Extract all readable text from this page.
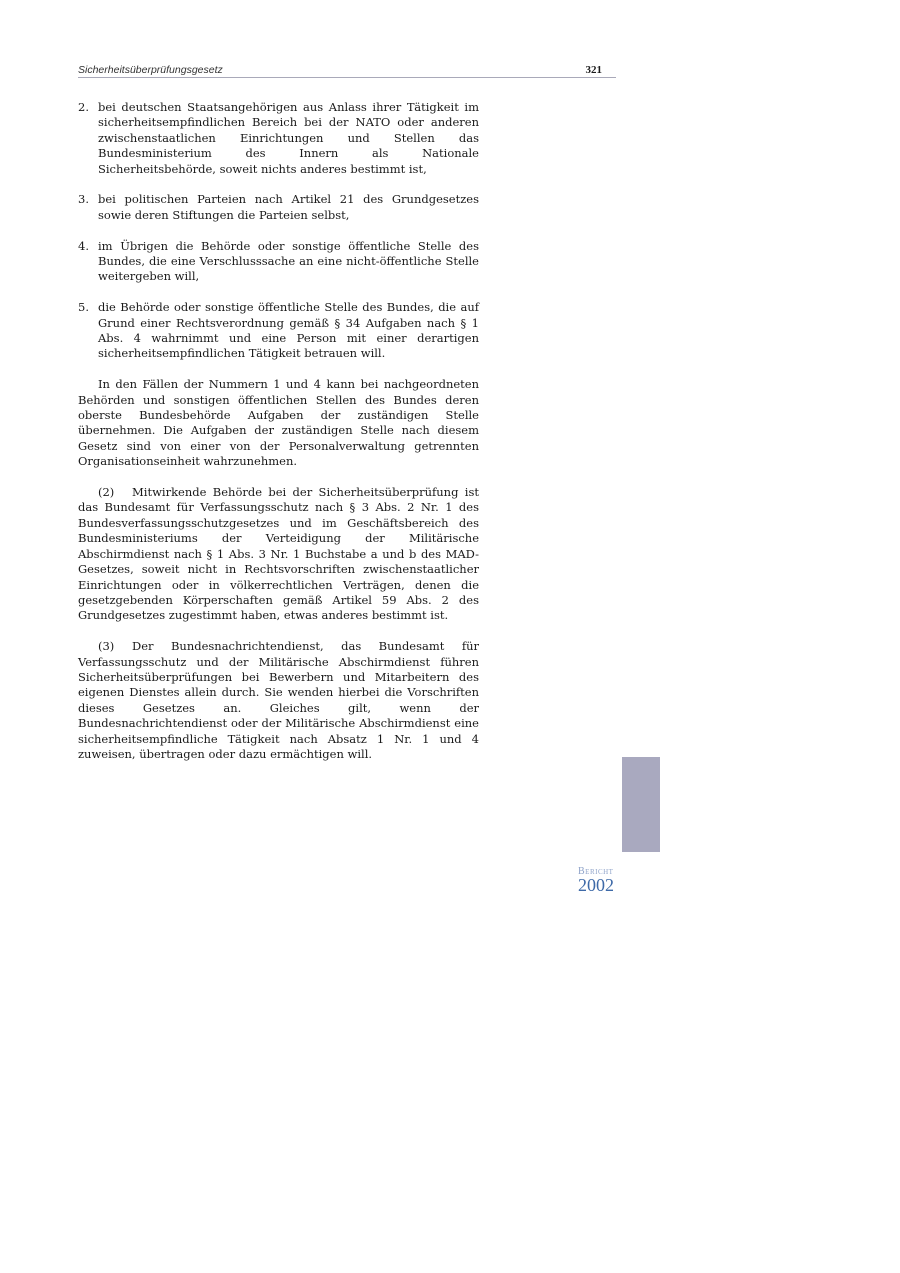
Sicherheitsüberprüfungsgesetz	321
2. bei deutschen Staatsangehörigen aus Anlass ihrer Tätigkeit im sicherheitsempfindlichen Bereich bei der NATO oder anderen zwischenstaatlichen Einrichtungen und Stellen das Bundesministerium des Innern als Nationale Sicherheitsbehörde, soweit nichts anderes bestimmt ist,
3. bei politischen Parteien nach Artikel 21 des Grundgesetzes sowie deren Stiftungen die Parteien selbst,
4. im Übrigen die Behörde oder sonstige öffentliche Stelle des Bundes, die eine Verschlusssache an eine nicht-öffentliche Stelle weitergeben will,
5. die Behörde oder sonstige öffentliche Stelle des Bundes, die auf Grund einer Rechtsverordnung gemäß § 34 Aufgaben nach § 1 Abs. 4 wahrnimmt und eine Person mit einer derartigen sicherheitsempfindlichen Tätigkeit betrauen will.

In den Fällen der Nummern 1 und 4 kann bei nachgeordneten Behörden und sonstigen öffentlichen Stellen des Bundes deren oberste Bundesbehörde Aufgaben der zuständigen Stelle übernehmen. Die Aufgaben der zuständigen Stelle nach diesem Gesetz sind von einer von der Personalverwaltung getrennten Organisationseinheit wahrzunehmen.

(2) Mitwirkende Behörde bei der Sicherheitsüberprüfung ist das Bundesamt für Verfassungsschutz nach § 3 Abs. 2 Nr. 1 des Bundesverfassungsschutzgesetzes und im Geschäftsbereich des Bundesministeriums der Verteidigung der Militärische Abschirmdienst nach § 1 Abs. 3 Nr. 1 Buchstabe a und b des MAD-Gesetzes, soweit nicht in Rechtsvorschriften zwischenstaatlicher Einrichtungen oder in völkerrechtlichen Verträgen, denen die gesetzgebenden Körperschaften gemäß Artikel 59 Abs. 2 des Grundgesetzes zugestimmt haben, etwas anderes bestimmt ist.

(3) Der Bundesnachrichtendienst, das Bundesamt für Verfassungsschutz und der Militärische Abschirmdienst führen Sicherheitsüberprüfungen bei Bewerbern und Mitarbeitern des eigenen Dienstes allein durch. Sie wenden hierbei die Vorschriften dieses Gesetzes an. Gleiches gilt, wenn der Bundesnachrichtendienst oder der Militärische Abschirmdienst eine sicherheitsempfindliche Tätigkeit nach Absatz 1 Nr. 1 und 4 zuweisen, übertragen oder dazu ermächtigen will.

Bericht
2002
